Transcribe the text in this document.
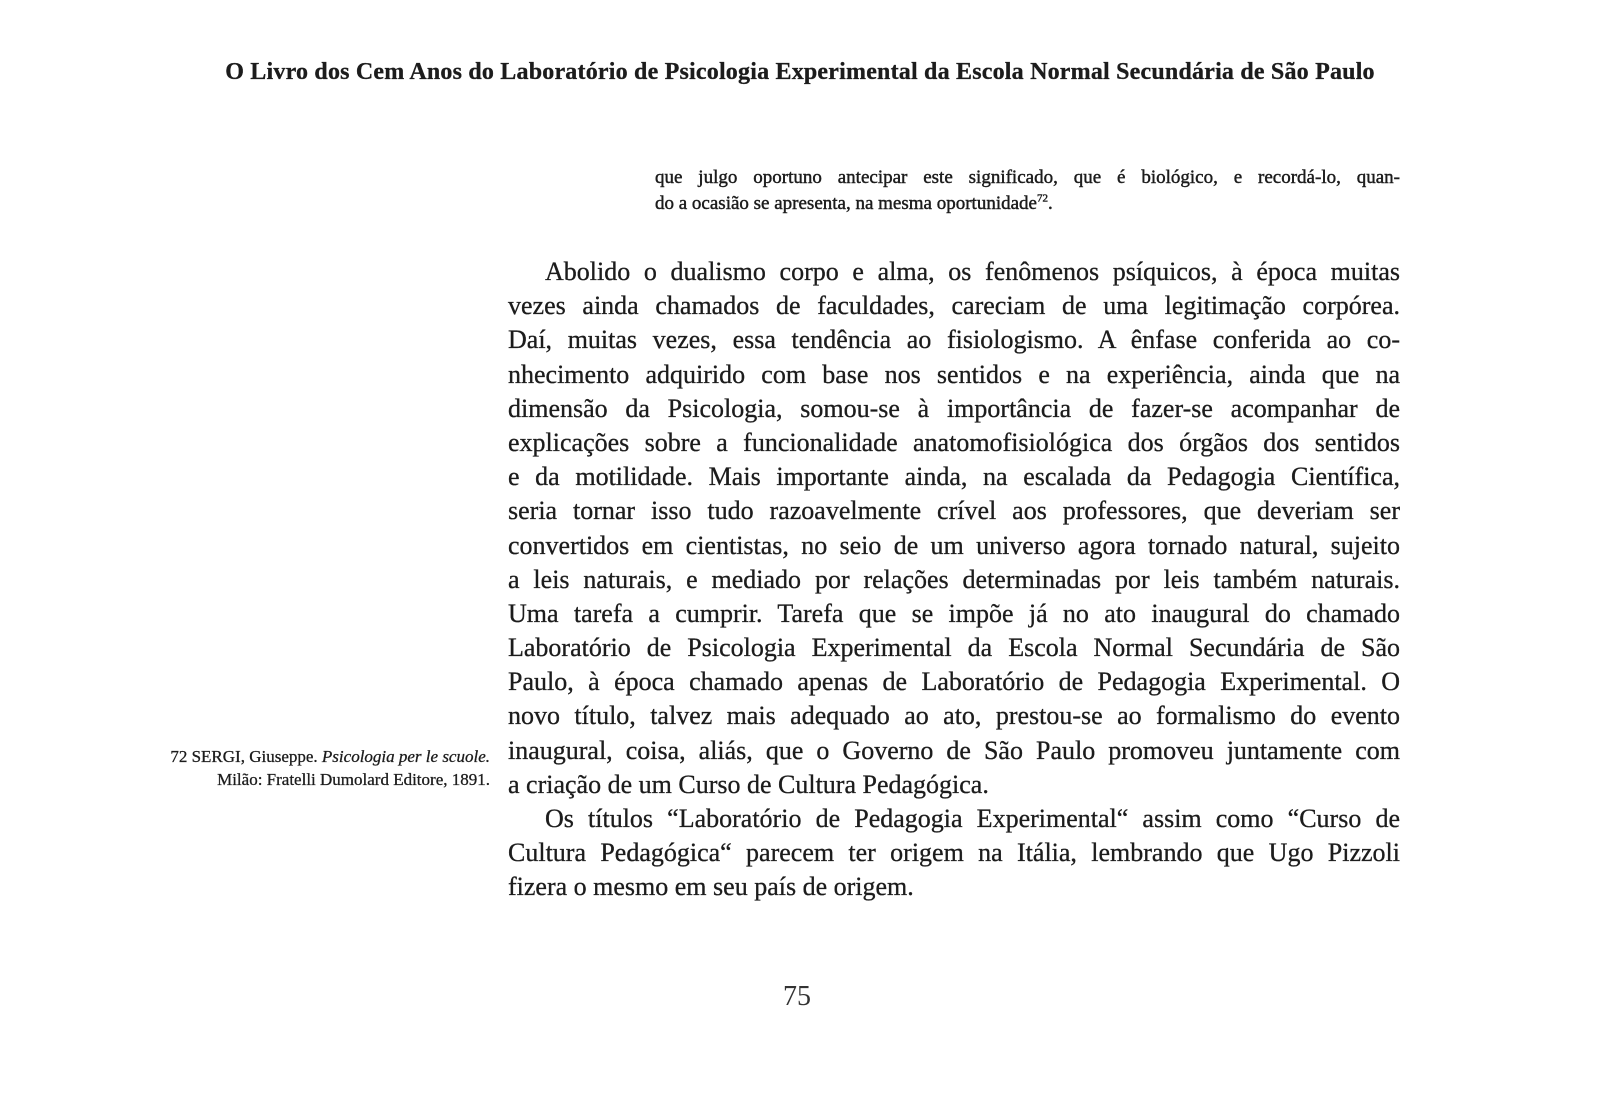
O Livro dos Cem Anos do Laboratório de Psicologia Experimental da Escola Normal Secundária de São Paulo
que julgo oportuno antecipar este significado, que é biológico, e recordá-lo, quan-
do a ocasião se apresenta, na mesma oportunidade$^{72}$.
Abolido o dualismo corpo e alma, os fenômenos psíquicos, à época muitas
vezes ainda chamados de faculdades, careciam de uma legitimação corpórea.
Daí, muitas vezes, essa tendência ao fisiologismo. A ênfase conferida ao co-
nhecimento adquirido com base nos sentidos e na experiência, ainda que na
dimensão da Psicologia, somou-se à importância de fazer-se acompanhar de
explicações sobre a funcionalidade anatomofisiológica dos órgãos dos sentidos
e da motilidade. Mais importante ainda, na escalada da Pedagogia Científica,
seria tornar isso tudo razoavelmente crível aos professores, que deveriam ser
convertidos em cientistas, no seio de um universo agora tornado natural, sujeito
a leis naturais, e mediado por relações determinadas por leis também naturais.
Uma tarefa a cumprir. Tarefa que se impõe já no ato inaugural do chamado
Laboratório de Psicologia Experimental da Escola Normal Secundária de São
Paulo, à época chamado apenas de Laboratório de Pedagogia Experimental. O
novo título, talvez mais adequado ao ato, prestou-se ao formalismo do evento
inaugural, coisa, aliás, que o Governo de São Paulo promoveu juntamente com
a criação de um Curso de Cultura Pedagógica.
Os títulos “Laboratório de Pedagogia Experimental“ assim como “Curso de
Cultura Pedagógica“ parecem ter origem na Itália, lembrando que Ugo Pizzoli
fizera o mesmo em seu país de origem.
72 SERGI, Giuseppe. Psicologia per le scuole.
Milão: Fratelli Dumolard Editore, 1891.
75
